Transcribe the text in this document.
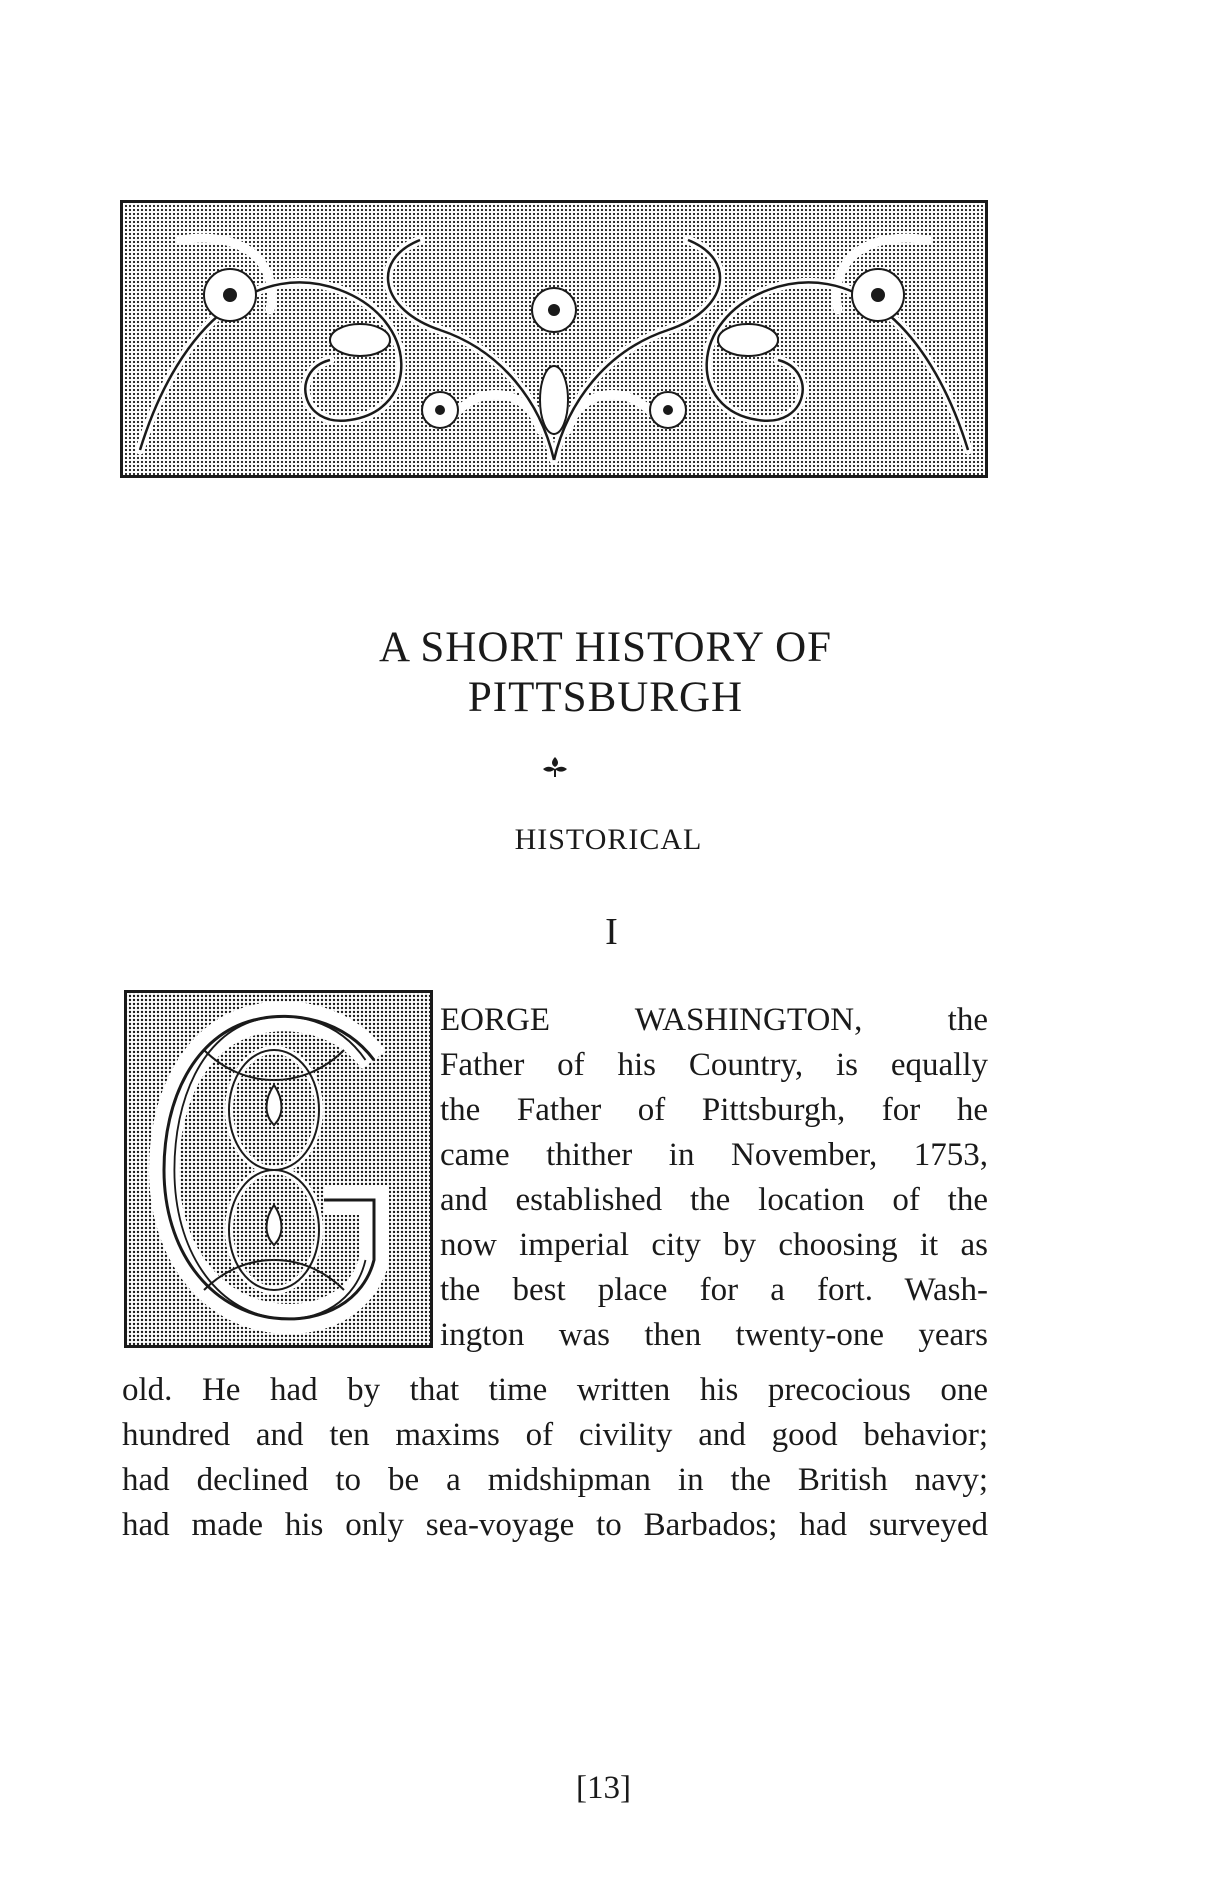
A SHORT HISTORY OF
PITTSBURGH
HISTORICAL
I
EORGE WASHINGTON, the
Father of his Country, is equally
the Father of Pittsburgh, for he
came thither in November, 1753,
and established the location of the
now imperial city by choosing it as
the best place for a fort. Wash-
ington was then twenty-one years
old. He had by that time written his precocious one
hundred and ten maxims of civility and good behavior;
had declined to be a midshipman in the British navy;
had made his only sea-voyage to Barbados; had surveyed
[13]
